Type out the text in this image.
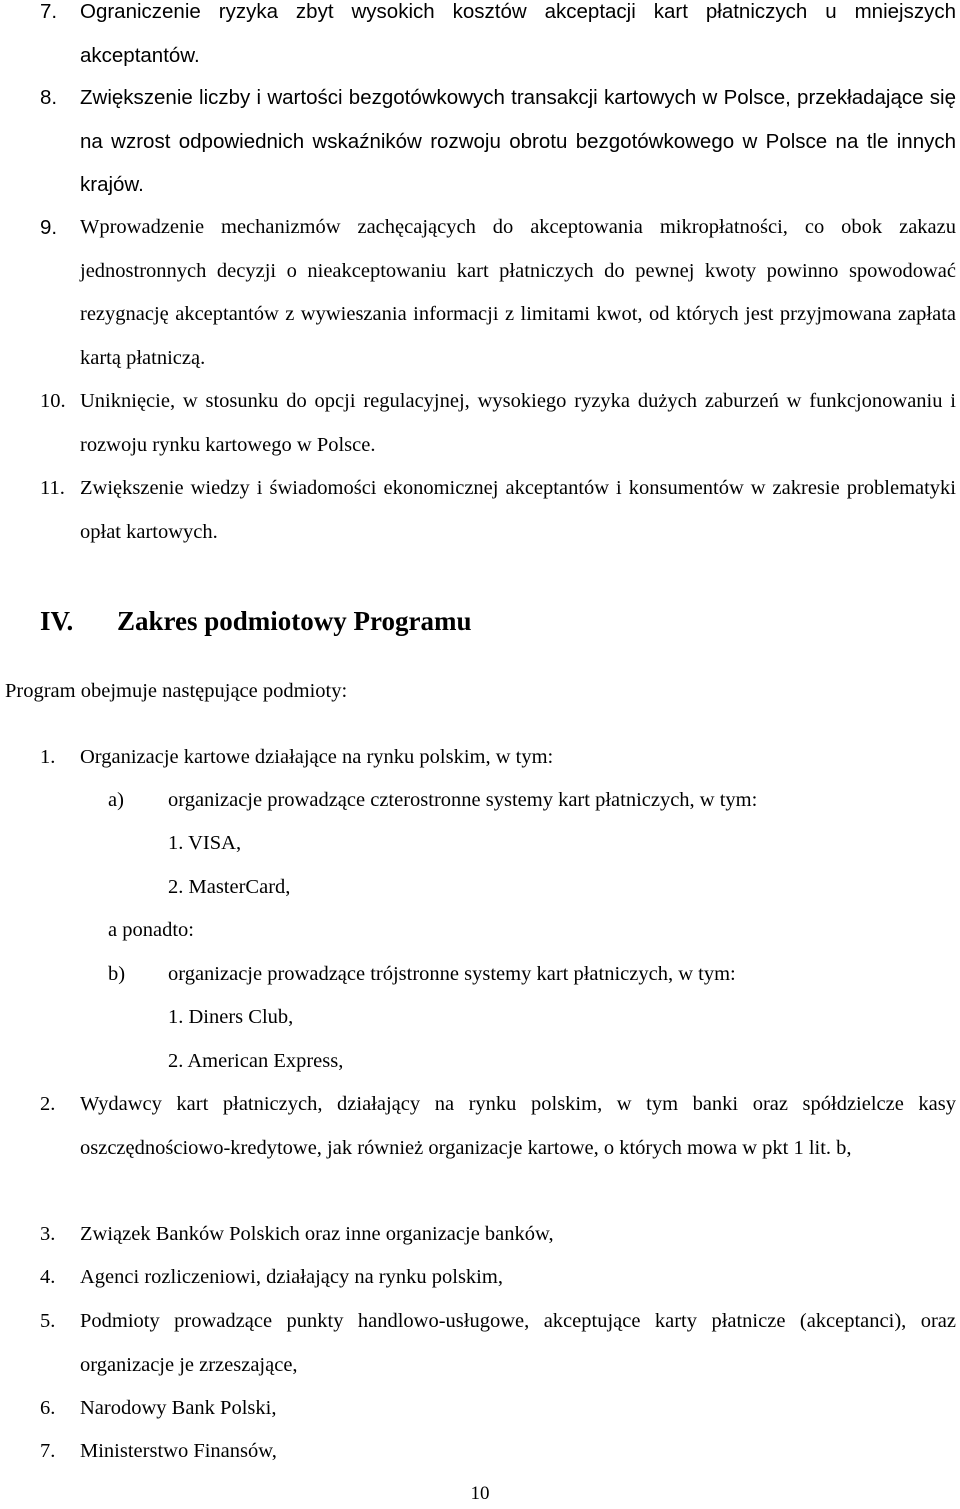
7. Ograniczenie ryzyka zbyt wysokich kosztów akceptacji kart płatniczych u mniejszych akceptantów.
8. Zwiększenie liczby i wartości bezgotówkowych transakcji kartowych w Polsce, przekładające się na wzrost odpowiednich wskaźników rozwoju obrotu bezgotówkowego w Polsce na tle innych krajów.
9. Wprowadzenie mechanizmów zachęcających do akceptowania mikropłatności, co obok zakazu jednostronnych decyzji o nieakceptowaniu kart płatniczych do pewnej kwoty powinno spowodować rezygnację akceptantów z wywieszania informacji z limitami kwot, od których jest przyjmowana zapłata kartą płatniczą.
10. Uniknięcie, w stosunku do opcji regulacyjnej, wysokiego ryzyka dużych zaburzeń w funkcjonowaniu i rozwoju rynku kartowego w Polsce.
11. Zwiększenie wiedzy i świadomości ekonomicznej akceptantów i konsumentów w zakresie problematyki opłat kartowych.
IV. Zakres podmiotowy Programu
Program obejmuje następujące podmioty:
1. Organizacje kartowe działające na rynku polskim, w tym:
a) organizacje prowadzące czterostronne systemy kart płatniczych, w tym:
1. VISA,
2. MasterCard,
a ponadto:
b) organizacje prowadzące trójstronne systemy kart płatniczych, w tym:
1. Diners Club,
2. American Express,
2. Wydawcy kart płatniczych, działający na rynku polskim, w tym banki oraz spółdzielcze kasy oszczędnościowo-kredytowe, jak również organizacje kartowe, o których mowa w pkt 1 lit. b,
3. Związek Banków Polskich oraz inne organizacje banków,
4. Agenci rozliczeniowi, działający na rynku polskim,
5. Podmioty prowadzące punkty handlowo-usługowe, akceptujące karty płatnicze (akceptanci), oraz organizacje je zrzeszające,
6. Narodowy Bank Polski,
7. Ministerstwo Finansów,
10
